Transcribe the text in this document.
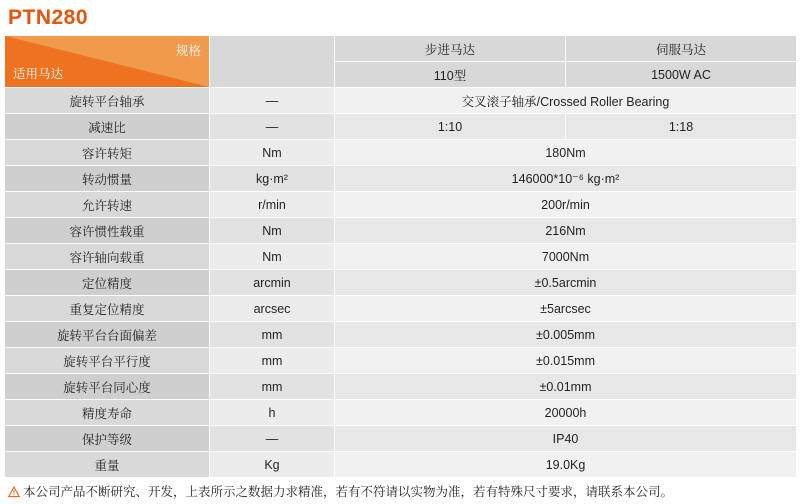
PTN280
规格
适用马达		步进马达	伺服马达
		110型	1500W AC
旋转平台轴承	—	交叉滚子轴承/Crossed Roller Bearing	
减速比	—	1:10	1:18
容许转矩	Nm	180Nm	
转动惯量	kg·m²	146000*10⁻⁶ kg·m²	
允许转速	r/min	200r/min	
容许惯性载重	Nm	216Nm	
容许轴向载重	Nm	7000Nm	
定位精度	arcmin	±0.5arcmin	
重复定位精度	arcsec	±5arcsec	
旋转平台台面偏差	mm	±0.005mm	
旋转平台平行度	mm	±0.015mm	
旋转平台同心度	mm	±0.01mm	
精度寿命	h	20000h	
保护等级	—	IP40	
重量	Kg	19.0Kg	
本公司产品不断研究、开发，上表所示之数据力求精准，若有不符请以实物为准，若有特殊尺寸要求，请联系本公司。
